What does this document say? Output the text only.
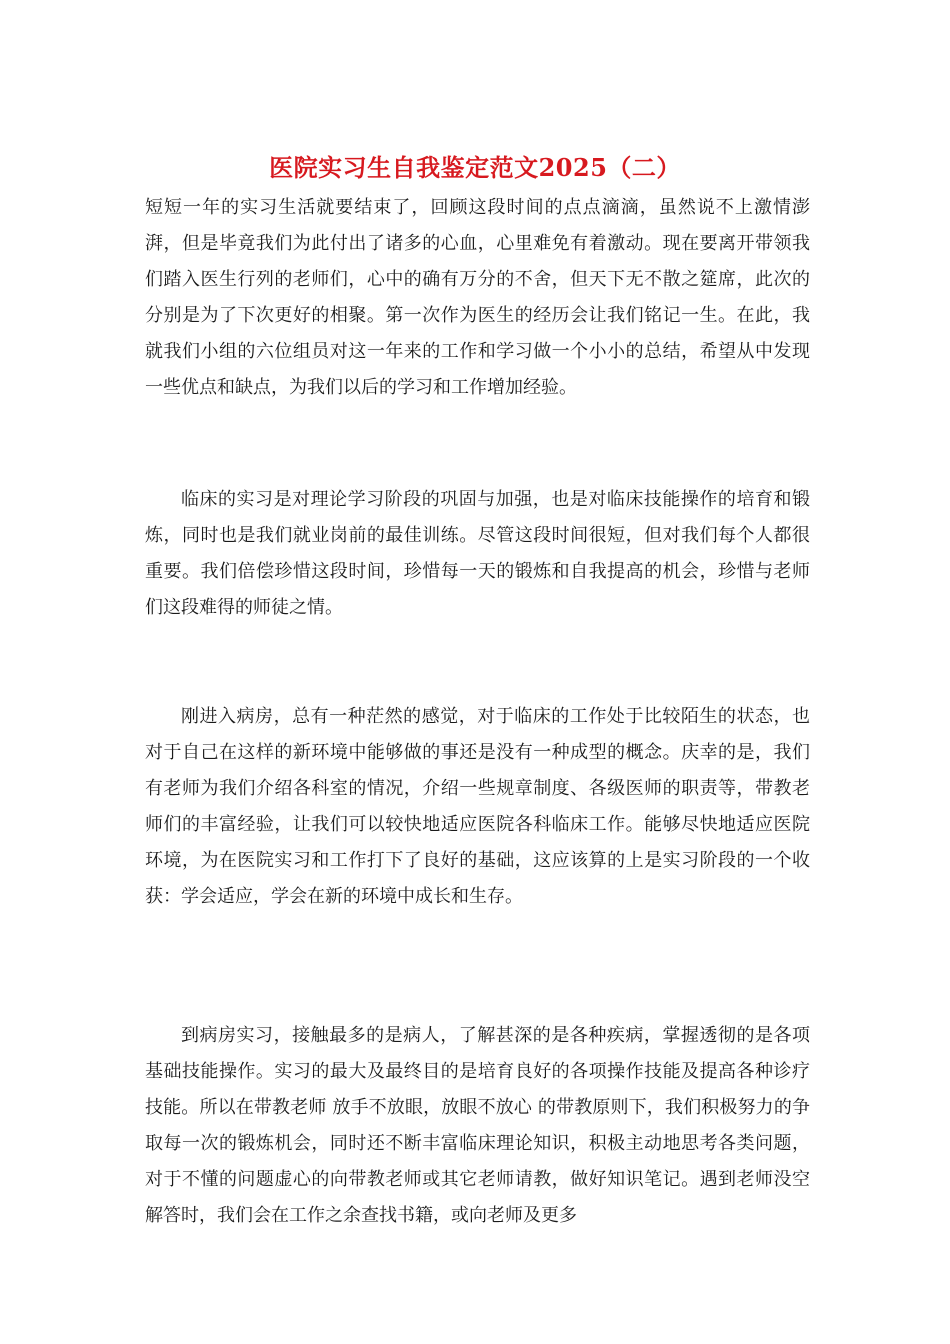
医院实习生自我鉴定范文2025（二）

短短一年的实习生活就要结束了，回顾这段时间的点点滴滴，虽然说不上激情澎湃，但是毕竟我们为此付出了诸多的心血，心里难免有着激动。现在要离开带领我们踏入医生行列的老师们，心中的确有万分的不舍，但天下无不散之筵席，此次的分别是为了下次更好的相聚。第一次作为医生的经历会让我们铭记一生。在此，我就我们小组的六位组员对这一年来的工作和学习做一个小小的总结，希望从中发现一些优点和缺点，为我们以后的学习和工作增加经验。

临床的实习是对理论学习阶段的巩固与加强，也是对临床技能操作的培育和锻炼，同时也是我们就业岗前的最佳训练。尽管这段时间很短，但对我们每个人都很重要。我们倍偿珍惜这段时间，珍惜每一天的锻炼和自我提高的机会，珍惜与老师们这段难得的师徒之情。

刚进入病房，总有一种茫然的感觉，对于临床的工作处于比较陌生的状态，也对于自己在这样的新环境中能够做的事还是没有一种成型的概念。庆幸的是，我们有老师为我们介绍各科室的情况，介绍一些规章制度、各级医师的职责等，带教老师们的丰富经验，让我们可以较快地适应医院各科临床工作。能够尽快地适应医院环境，为在医院实习和工作打下了良好的基础，这应该算的上是实习阶段的一个收获：学会适应，学会在新的环境中成长和生存。

到病房实习，接触最多的是病人，了解甚深的是各种疾病，掌握透彻的是各项基础技能操作。实习的最大及最终目的是培育良好的各项操作技能及提高各种诊疗技能。所以在带教老师 放手不放眼，放眼不放心 的带教原则下，我们积极努力的争取每一次的锻炼机会，同时还不断丰富临床理论知识，积极主动地思考各类问题，对于不懂的问题虚心的向带教老师或其它老师请教，做好知识笔记。遇到老师没空解答时，我们会在工作之余查找书籍，或向老师及更多
